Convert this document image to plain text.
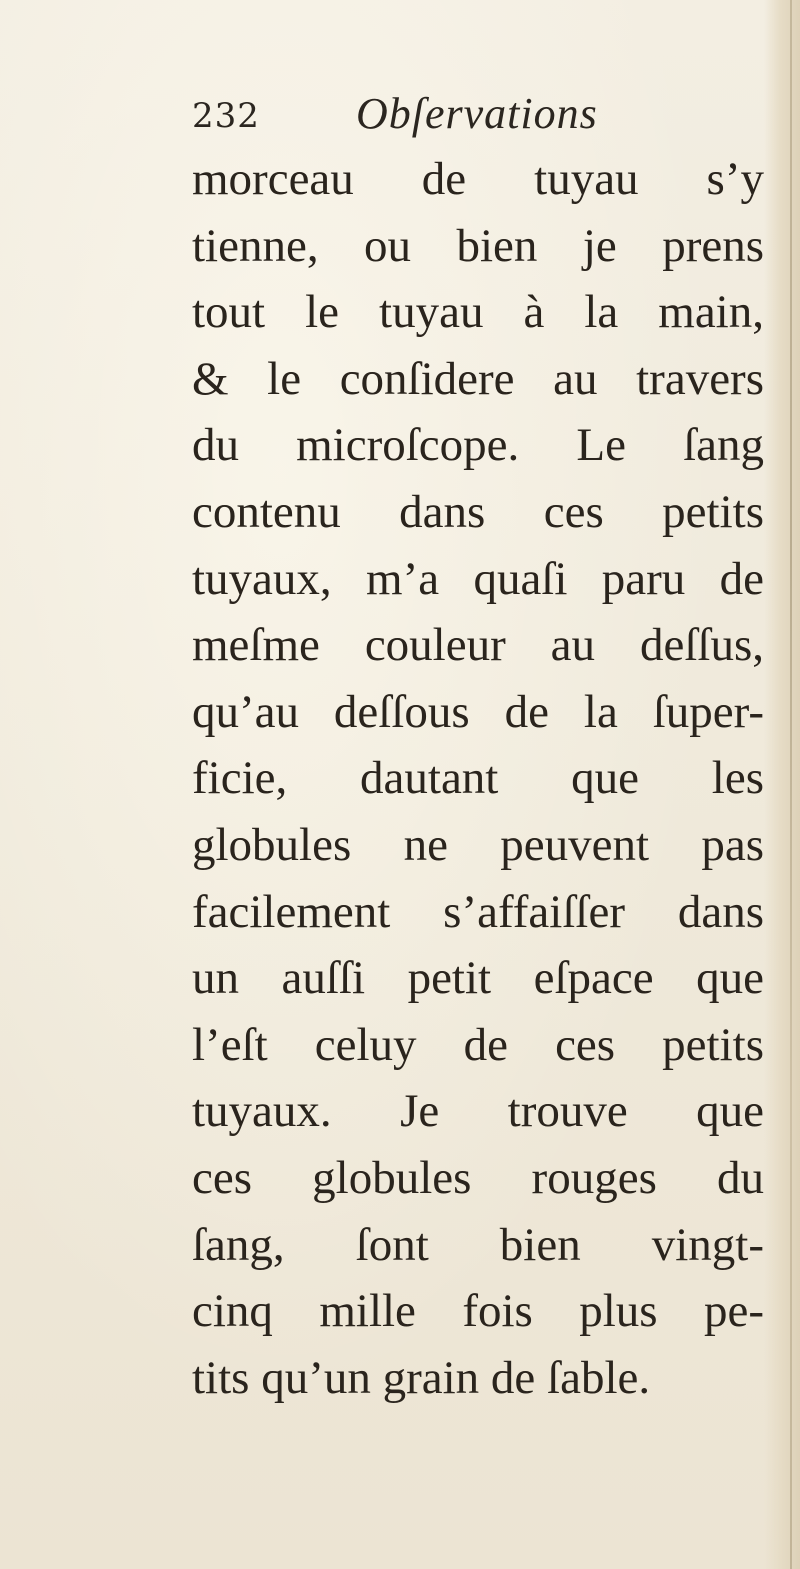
232 Obſervations
morceau de tuyau s’y
tienne, ou bien je prens
tout le tuyau à la main,
& le conſidere au travers
du microſcope. Le ſang
contenu dans ces petits
tuyaux, m’a quaſi paru de
meſme couleur au deſſus,
qu’au deſſous de la ſuper-
ficie, dautant que les
globules ne peuvent pas
facilement s’affaiſſer dans
un auſſi petit eſpace que
l’eſt celuy de ces petits
tuyaux. Je trouve que
ces globules rouges du
ſang, ſont bien vingt-
cinq mille fois plus pe-
tits qu’un grain de ſable.
